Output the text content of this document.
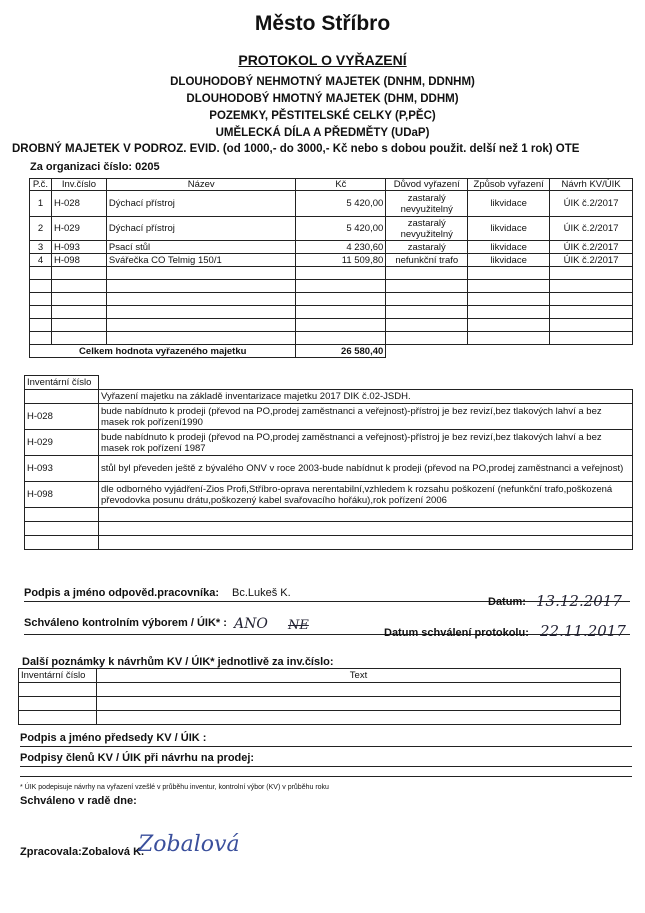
Město Stříbro
PROTOKOL O VYŘAZENÍ
DLOUHODOBÝ NEHMOTNÝ MAJETEK (DNHM, DDNHM)
DLOUHODOBÝ HMOTNÝ MAJETEK (DHM, DDHM)
POZEMKY, PĚSTITELSKÉ CELKY (P,PĚC)
UMĚLECKÁ DÍLA A PŘEDMĚTY (UDaP)
DROBNÝ MAJETEK V PODROZ. EVID. (od 1000,- do 3000,- Kč nebo s dobou použit. delší než 1 rok) OTE
Za organizaci číslo: 0205
P.č.	Inv.číslo	Název	Kč	Důvod vyřazení	Způsob vyřazení	Návrh KV/ÚIK
1	H-028	Dýchací přístroj	5 420,00	zastaralý nevyužitelný	likvidace	ÚIK č.2/2017
2	H-029	Dýchací přístroj	5 420,00	zastaralý nevyužitelný	likvidace	ÚIK č.2/2017
3	H-093	Psací stůl	4 230,60	zastaralý	likvidace	ÚIK č.2/2017
4	H-098	Svářečka CO Telmig 150/1	11 509,80	nefunkční trafo	likvidace	ÚIK č.2/2017

Celkem hodnota vyřazeného majetku			26 580,40			
Inventární číslo	
	Vyřazení majetku na základě inventarizace majetku 2017 DIK č.02-JSDH.
H-028	bude nabídnuto k prodeji (převod na PO,prodej zaměstnanci a veřejnost)-přístroj je bez revizí,bez tlakových lahví a bez masek rok pořízení1990
H-029	bude nabídnuto k prodeji (převod na PO,prodej zaměstnanci a veřejnost)-přístroj je bez revizí,bez tlakových lahví a bez masek rok pořízení 1987
H-093	stůl byl převeden ještě z bývalého ONV v roce 2003-bude nabídnut k prodeji (převod na PO,prodej zaměstnanci a veřejnost)
H-098	dle odborného vyjádření-Zios Profi,Stříbro-oprava nerentabilní,vzhledem k rozsahu poškození (nefunkční trafo,poškozená převodovka posunu drátu,poškozený kabel svařovacího hořáku),rok pořízení 2006

Podpis a jméno odpověd.pracovníka: Bc.Lukeš K.
Datum: 13.12.2017
Schváleno kontrolním výborem / ÚIK* : ANO NE	Datum schválení protokolu: 22.11.2017
Další poznámky k návrhům KV / ÚIK* jednotlivě za inv.číslo:
Inventární číslo	Text

Podpis a jméno předsedy KV / ÚIK :
Podpisy členů KV / ÚIK při návrhu na prodej:
* ÚIK podepisuje návrhy na vyřazení vzešlé v průběhu inventur, kontrolní výbor (KV) v průběhu roku
Schváleno v radě dne:
Zpracovala:Zobalová K.
Zobalová
